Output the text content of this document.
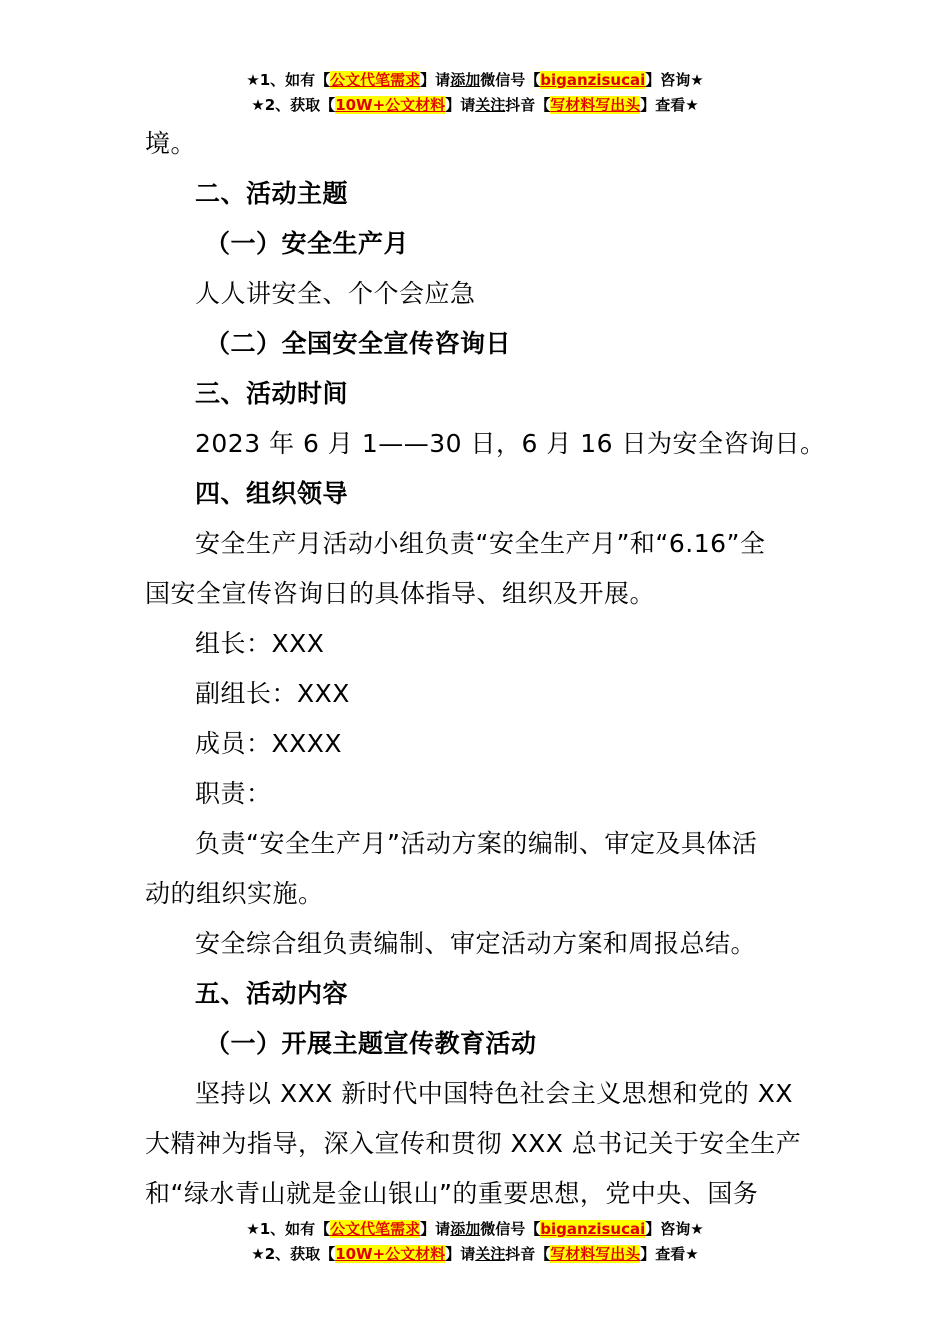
★1、如有【公文代笔需求】请添加微信号【biganzisucai】咨询★
★2、获取【10W+公文材料】请关注抖音【写材料写出头】查看★
境。
二、活动主题
（一）安全生产月
人人讲安全、个个会应急
（二）全国安全宣传咨询日
三、活动时间
2023 年 6 月 1——30 日，6 月 16 日为安全咨询日。
四、组织领导
安全生产月活动小组负责“安全生产月”和“6.16”全
国安全宣传咨询日的具体指导、组织及开展。
组长：XXX
副组长：XXX
成员：XXXX
职责：
负责“安全生产月”活动方案的编制、审定及具体活
动的组织实施。
安全综合组负责编制、审定活动方案和周报总结。
五、活动内容
（一）开展主题宣传教育活动
坚持以 XXX 新时代中国特色社会主义思想和党的 XX
大精神为指导，深入宣传和贯彻 XXX 总书记关于安全生产
和“绿水青山就是金山银山”的重要思想，党中央、国务
★1、如有【公文代笔需求】请添加微信号【biganzisucai】咨询★
★2、获取【10W+公文材料】请关注抖音【写材料写出头】查看★
